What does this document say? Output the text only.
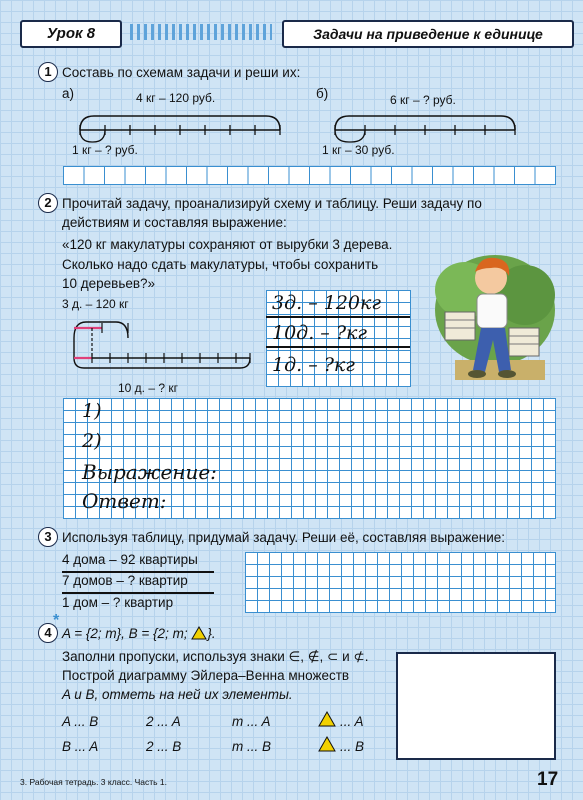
Урок 8	Задачи на приведение к единице
1 Составь по схемам задачи и реши их:
а)	4 кг – 120 руб.
1 кг – ? руб.
б)	6 кг – ? руб.
1 кг – 30 руб.
2 Прочитай задачу, проанализируй схему и таблицу. Реши задачу по
действиям и составляя выражение:
«120 кг макулатуры сохраняют от вырубки 3 дерева.
Сколько надо сдать макулатуры, чтобы сохранить
10 деревьев?»
3 д. – 120 кг
10 д. – ? кг
3д. – 120кг
10д. – ?кг
1д. – ?кг
1)
2)
Выражение:
Ответ:
3 Используя таблицу, придумай задачу. Реши её, составляя выражение:
4 дома – 92 квартиры
7 домов – ? квартир
1 дом – ? квартир
4
*
A = {2; m}, B = {2; m; }.
Заполни пропуски, используя знаки ∈, ∉, ⊂ и ⊄.
Построй диаграмму Эйлера–Венна множеств
A и B, отметь на ней их элементы.
A ... B	2 ... A	m ... A	... A
B ... A	2 ... B	m ... B	... B
3. Рабочая тетрадь. 3 класс. Часть 1.	17
